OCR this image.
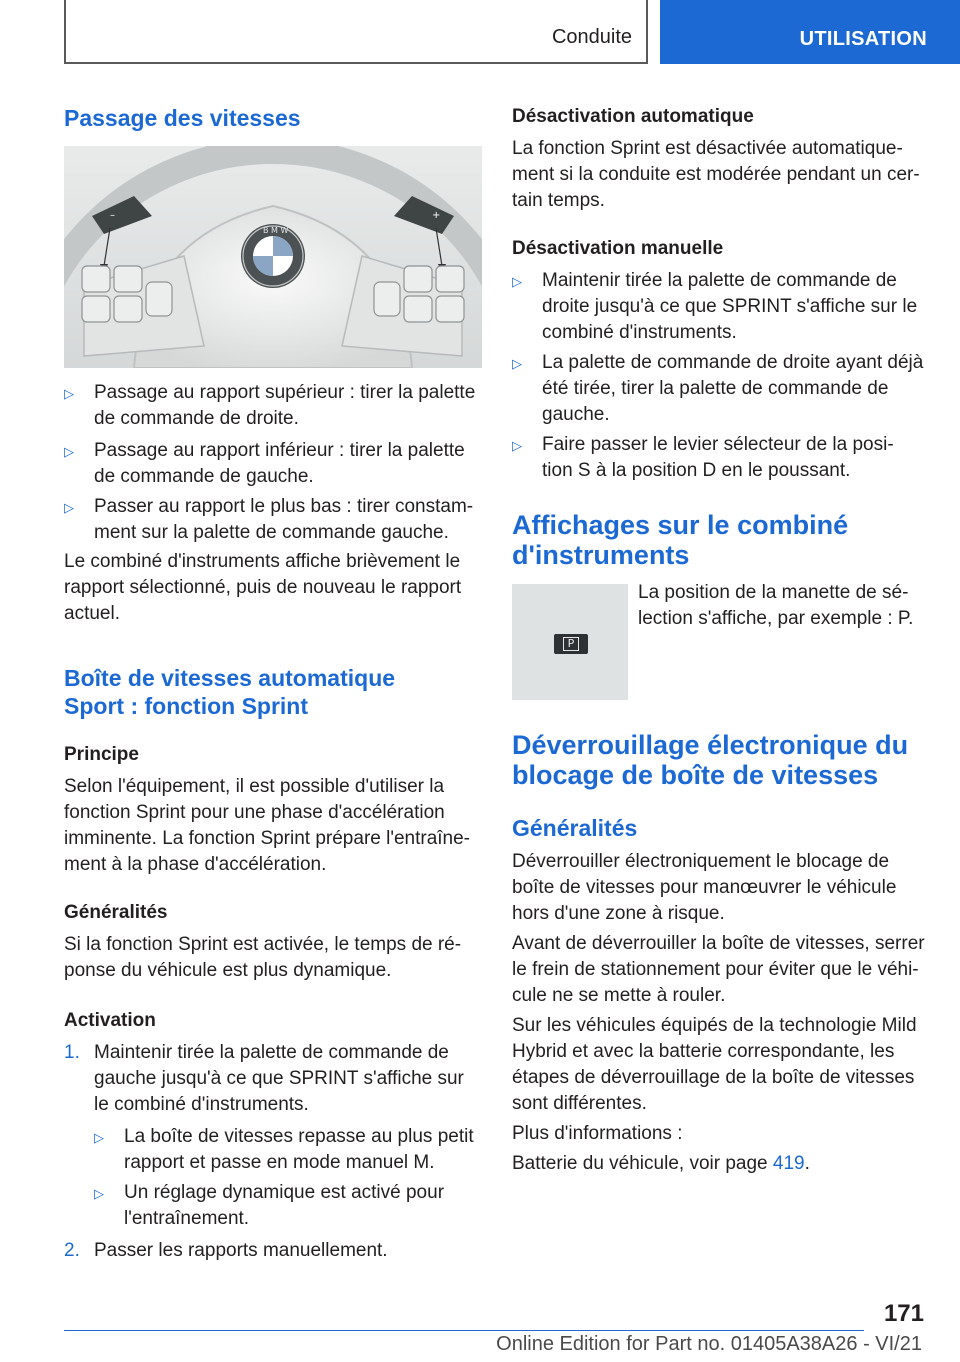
Conduite	UTILISATION
Passage des vitesses
–	+
B M W
▷ Passage au rapport supérieur : tirer la palette
de commande de droite.
▷ Passage au rapport inférieur : tirer la palette
de commande de gauche.
▷ Passer au rapport le plus bas : tirer constam-
ment sur la palette de commande gauche.
Le combiné d'instruments affiche brièvement le
rapport sélectionné, puis de nouveau le rapport
actuel.
Boîte de vitesses automatique
Sport : fonction Sprint
Principe
Selon l'équipement, il est possible d'utiliser la
fonction Sprint pour une phase d'accélération
imminente. La fonction Sprint prépare l'entraîne-
ment à la phase d'accélération.
Généralités
Si la fonction Sprint est activée, le temps de ré-
ponse du véhicule est plus dynamique.
Activation
1. Maintenir tirée la palette de commande de
gauche jusqu'à ce que SPRINT s'affiche sur
le combiné d'instruments.
▷ La boîte de vitesses repasse au plus petit
rapport et passe en mode manuel M.
▷ Un réglage dynamique est activé pour
l'entraînement.
2. Passer les rapports manuellement.
Désactivation automatique
La fonction Sprint est désactivée automatique-
ment si la conduite est modérée pendant un cer-
tain temps.
Désactivation manuelle
▷ Maintenir tirée la palette de commande de
droite jusqu'à ce que SPRINT s'affiche sur le
combiné d'instruments.
▷ La palette de commande de droite ayant déjà
été tirée, tirer la palette de commande de
gauche.
▷ Faire passer le levier sélecteur de la posi-
tion S à la position D en le poussant.
Affichages sur le combiné
d'instruments
P
La position de la manette de sé-
lection s'affiche, par exemple : P.
Déverrouillage électronique du
blocage de boîte de vitesses
Généralités
Déverrouiller électroniquement le blocage de
boîte de vitesses pour manœuvrer le véhicule
hors d'une zone à risque.
Avant de déverrouiller la boîte de vitesses, serrer
le frein de stationnement pour éviter que le véhi-
cule ne se mette à rouler.
Sur les véhicules équipés de la technologie Mild
Hybrid et avec la batterie correspondante, les
étapes de déverrouillage de la boîte de vitesses
sont différentes.
Plus d'informations :
Batterie du véhicule, voir page 419.
171
Online Edition for Part no. 01405A38A26 - VI/21
